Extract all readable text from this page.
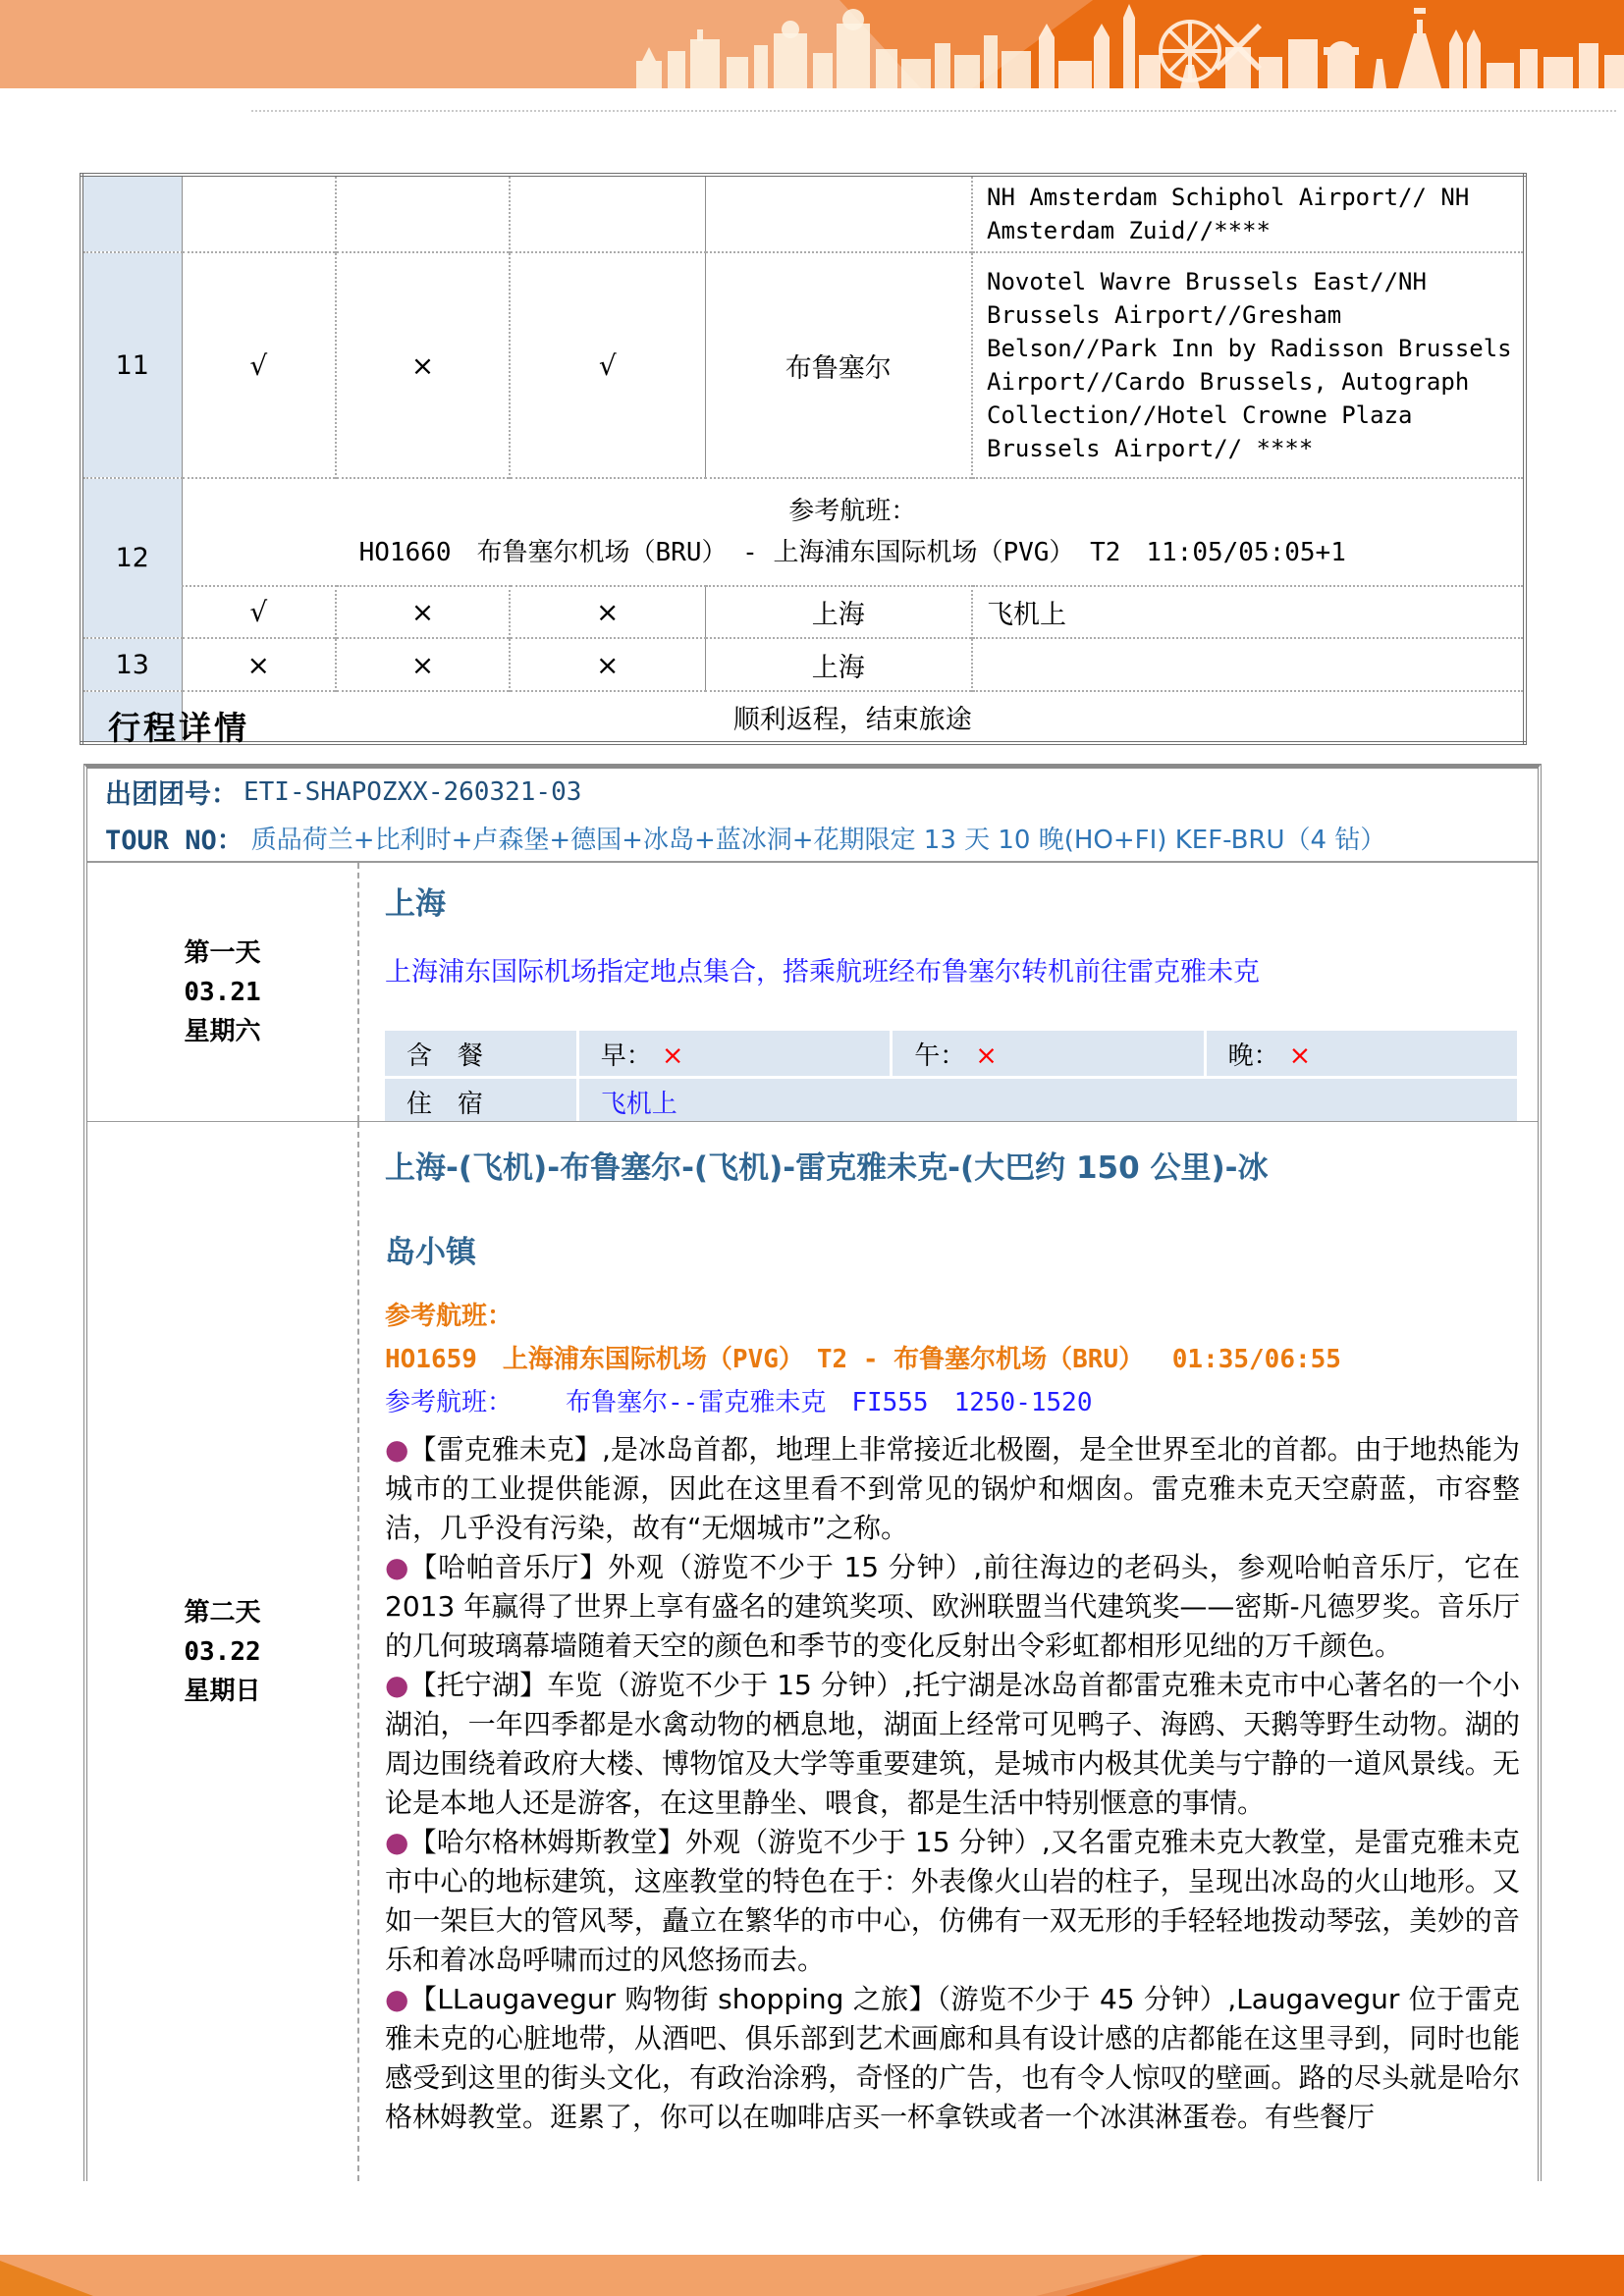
					NH Amsterdam Schiphol Airport// NH Amsterdam Zuid//****
11	√	×	√	布鲁塞尔	Novotel Wavre Brussels East//NH Brussels Airport//Gresham Belson//Park Inn by Radisson Brussels Airport//Cardo Brussels, Autograph Collection//Hotel Crowne Plaza Brussels Airport// ****
12	参考航班：
HO1660　布鲁塞尔机场（BRU） - 上海浦东国际机场（PVG） T2　11:05/05:05+1				

	√	×	×	上海	飞机上
13	×	×	×	上海	
	顺利返程，结束旅途				
行程详情
出团团号： ETI-SHAPOZXX-260321-03
TOUR NO： 质品荷兰+比利时+卢森堡+德国+冰岛+蓝冰洞+花期限定 13 天 10 晚(HO+FI) KEF-BRU（4 钻）
第一天
03.21
星期六
上海
上海浦东国际机场指定地点集合，搭乘航班经布鲁塞尔转机前往雷克雅未克
含　餐	早： ×	午： ×	晚： ×
住　宿	飞机上		
第二天
03.22
星期日
上海-(飞机)-布鲁塞尔-(飞机)-雷克雅未克-(大巴约 150 公里)-冰
岛小镇
参考航班：
HO1659　上海浦东国际机场（PVG）　T2 - 布鲁塞尔机场（BRU）　 01:35/06:55
参考航班： 布鲁塞尔--雷克雅未克　FI555　1250-1520

●【雷克雅未克】,是冰岛首都，地理上非常接近北极圈，是全世界至北的首都。由于地热能为城市的工业提供能源，因此在这里看不到常见的锅炉和烟囱。雷克雅未克天空蔚蓝，市容整洁，几乎没有污染，故有“无烟城市”之称。

●【哈帕音乐厅】外观（游览不少于 15 分钟）,前往海边的老码头，参观哈帕音乐厅，它在 2013 年赢得了世界上享有盛名的建筑奖项、欧洲联盟当代建筑奖——密斯-凡德罗奖。音乐厅的几何玻璃幕墙随着天空的颜色和季节的变化反射出令彩虹都相形见绌的万千颜色。

●【托宁湖】车览（游览不少于 15 分钟）,托宁湖是冰岛首都雷克雅未克市中心著名的一个小湖泊，一年四季都是水禽动物的栖息地，湖面上经常可见鸭子、海鸥、天鹅等野生动物。湖的周边围绕着政府大楼、博物馆及大学等重要建筑，是城市内极其优美与宁静的一道风景线。无论是本地人还是游客，在这里静坐、喂食，都是生活中特别惬意的事情。

●【哈尔格林姆斯教堂】外观（游览不少于 15 分钟）,又名雷克雅未克大教堂，是雷克雅未克市中心的地标建筑，这座教堂的特色在于：外表像火山岩的柱子，呈现出冰岛的火山地形。又如一架巨大的管风琴，矗立在繁华的市中心，仿佛有一双无形的手轻轻地拨动琴弦，美妙的音乐和着冰岛呼啸而过的风悠扬而去。

●【LLaugavegur 购物街 shopping 之旅】（游览不少于 45 分钟）,Laugavegur 位于雷克雅未克的心脏地带，从酒吧、俱乐部到艺术画廊和具有设计感的店都能在这里寻到，同时也能感受到这里的街头文化，有政治涂鸦，奇怪的广告，也有令人惊叹的壁画。路的尽头就是哈尔格林姆教堂。逛累了，你可以在咖啡店买一杯拿铁或者一个冰淇淋蛋卷。有些餐厅
